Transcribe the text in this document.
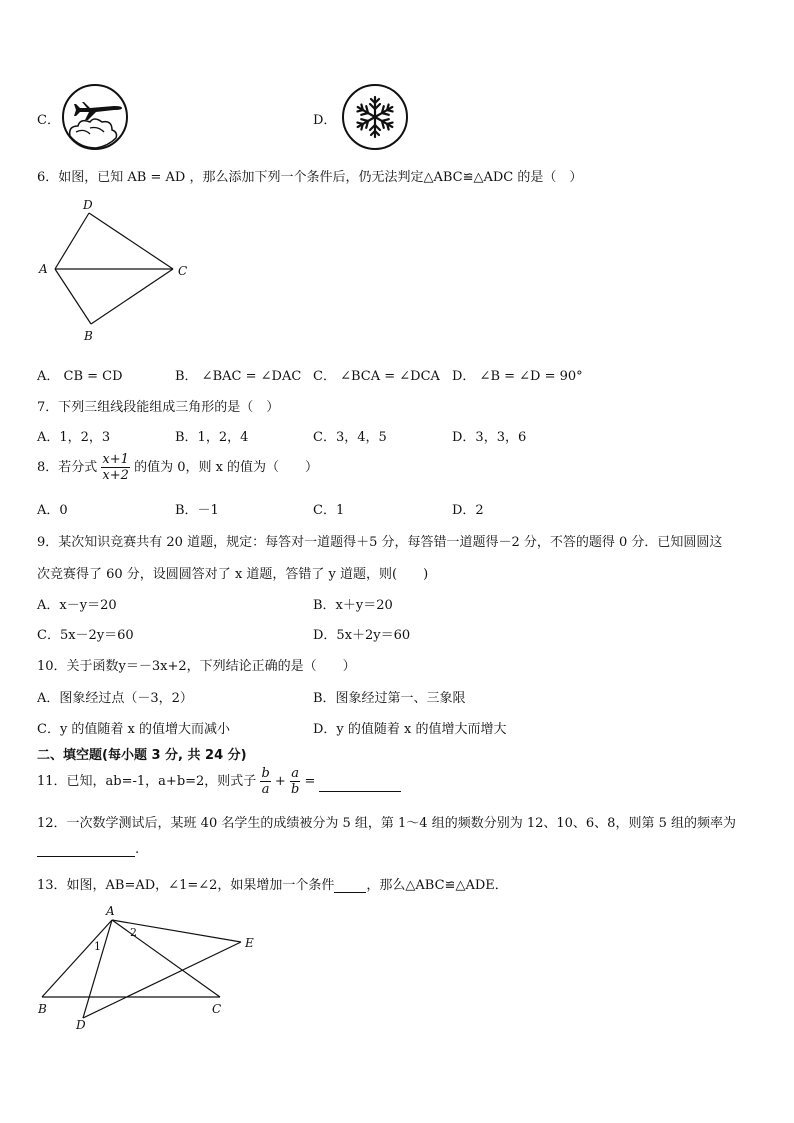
C．	D．
6．如图，已知 AB = AD ，那么添加下列一个条件后，仍无法判定△ABC≌△ADC 的是（　）
D
A	C
B
A． CB = CD	B． ∠BAC = ∠DAC C． ∠BCA = ∠DCA D． ∠B = ∠D = 90°
7．下列三组线段能组成三角形的是（　）
A．1，2，3	B．1，2，4	C．3，4，5	D．3，3，6
8．若分式 $\frac{x+1}{x+2}$ 的值为 0，则 x 的值为（　　）
A．0	B．－1	C．1	D．2
9．某次知识竞赛共有 20 道题，规定：每答对一道题得＋5 分，每答错一道题得－2 分，不答的题得 0 分．已知圆圆这
次竞赛得了 60 分，设圆圆答对了 x 道题，答错了 y 道题，则(　　)
A．x－y＝20	B．x＋y＝20
C．5x－2y＝60	D．5x＋2y＝60
10．关于函数y＝－3x+2，下列结论正确的是（　　）
A．图象经过点（－3，2）	B．图象经过第一、三象限
C．y 的值随着 x 的值增大而减小	D．y 的值随着 x 的值增大而增大
二、填空题(每小题 3 分, 共 24 分)
11．已知，ab=-1，a+b=2，则式子 $\frac{b}{a} + \frac{a}{b}$ =
12．一次数学测试后，某班 40 名学生的成绩被分为 5 组，第 1～4 组的频数分别为 12、10、6、8，则第 5 组的频率为
.
13．如图，AB=AD，∠1=∠2，如果增加一个条件 ，那么△ABC≌△ADE．
A
E
B	C
D
1
2
